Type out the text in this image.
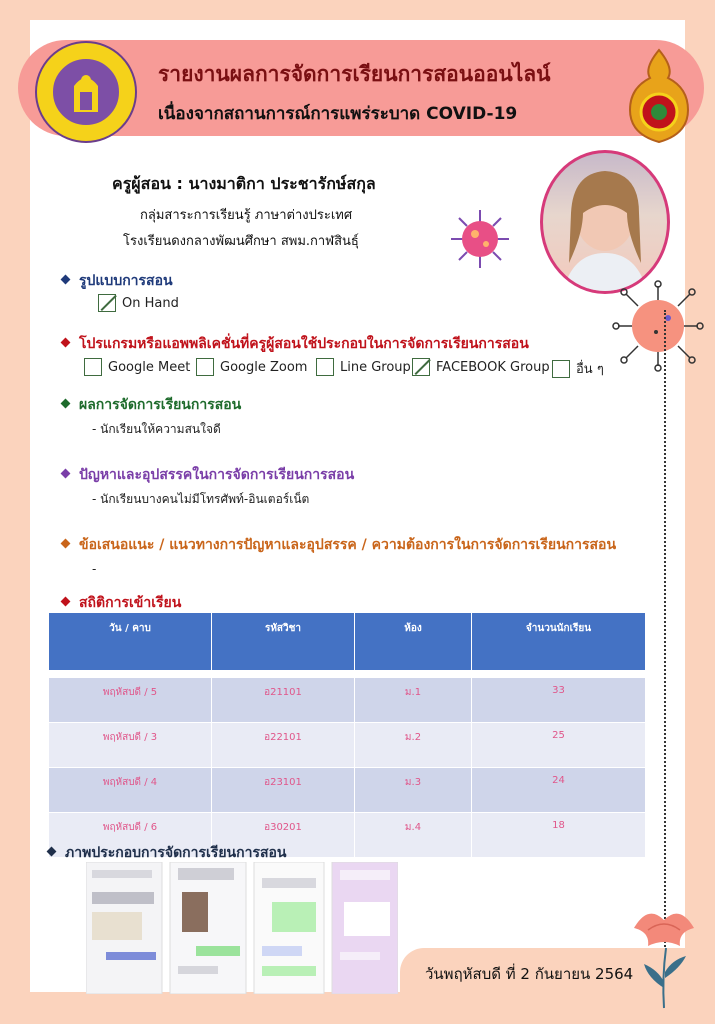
รายงานผลการจัดการเรียนการสอนออนไลน์
เนื่องจากสถานการณ์การแพร่ระบาด COVID-19
ครูผู้สอน : นางมาติกา ประชารักษ์สกุล
กลุ่มสาระการเรียนรู้ ภาษาต่างประเทศ
โรงเรียนดงกลางพัฒนศึกษา สพม.กาฬสินธุ์
รูปแบบการสอน
On Hand
โปรแกรมหรือแอพพลิเคชั่นที่ครูผู้สอนใช้ประกอบในการจัดการเรียนการสอน
Google Meet Google Zoom	Line Group FACEBOOK Group อื่น ๆ
ผลการจัดการเรียนการสอน
- นักเรียนให้ความสนใจดี
ปัญหาและอุปสรรคในการจัดการเรียนการสอน
- นักเรียนบางคนไม่มีโทรศัพท์-อินเตอร์เน็ต
ข้อเสนอแนะ / แนวทางการปัญหาและอุปสรรค / ความต้องการในการจัดการเรียนการสอน
-
สถิติการเข้าเรียน
วัน / คาบ	รหัสวิชา	ห้อง	จำนวนนักเรียน

พฤหัสบดี / 5	อ21101	ม.1	33
พฤหัสบดี / 3	อ22101	ม.2	25
พฤหัสบดี / 4	อ23101	ม.3	24
พฤหัสบดี / 6	อ30201	ม.4	18
ภาพประกอบการจัดการเรียนการสอน
วันพฤหัสบดี ที่ 2 กันยายน 2564
